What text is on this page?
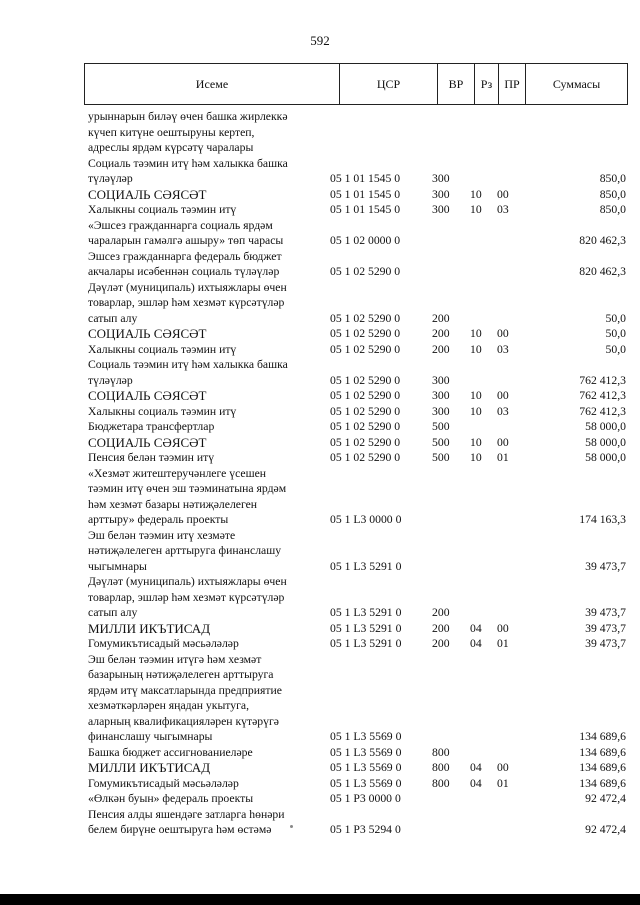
592
Исеме	ЦСР	ВР	Рз	ПР	Суммасы
урыннарын билəү өчен башка жирлеккə
күчеп китүне оештыруны кертеп,
адреслы ярдəм күрсəтү чаралары
Социаль тəэмин итү һəм халыкка башка
түлəүлəр	05 1 01 1545 0	300	850,0
СОЦИАЛЬ СƏЯСƏТ	05 1 01 1545 0	300 10 00	850,0
Халыкны социаль тəэмин итү	05 1 01 1545 0	300 10 03	850,0
«Эшсез гражданнарга социаль ярдəм
чараларын гамəлгə ашыру» төп чарасы	05 1 02 0000 0	820 462,3
Эшсез гражданнарга федераль бюджет
акчалары исəбеннəн социаль түлəүлəр	05 1 02 5290 0	820 462,3
Дəүлəт (муниципаль) ихтыяжлары өчен
товарлар, эшлəр һəм хезмəт күрсəтүлəр
сатып алу	05 1 02 5290 0	200	50,0
СОЦИАЛЬ СƏЯСƏТ	05 1 02 5290 0	200 10 00	50,0
Халыкны социаль тəэмин итү	05 1 02 5290 0	200 10 03	50,0
Социаль тəэмин итү һəм халыкка башка
түлəүлəр	05 1 02 5290 0	300	762 412,3
СОЦИАЛЬ СƏЯСƏТ	05 1 02 5290 0	300 10 00	762 412,3
Халыкны социаль тəэмин итү	05 1 02 5290 0	300 10 03	762 412,3
Бюджетара трансфертлар	05 1 02 5290 0	500	58 000,0
СОЦИАЛЬ СƏЯСƏТ	05 1 02 5290 0	500 10 00	58 000,0
Пенсия белəн тəэмин итү	05 1 02 5290 0	500 10 01	58 000,0
«Хезмəт житештеручəнлеге үсешен
тəэмин итү өчен эш тəэминатына ярдəм
һəм хезмəт базары нəтиҗəлелеген
арттыру» федераль проекты	05 1 L3 0000 0	174 163,3
Эш белəн тəэмин итү хезмəте
нəтиҗəлелеген арттыруга финанслашу
чыгымнары	05 1 L3 5291 0	39 473,7
Дəүлəт (муниципаль) ихтыяжлары өчен
товарлар, эшлəр һəм хезмəт күрсəтүлəр
сатып алу	05 1 L3 5291 0	200	39 473,7
МИЛЛИ ИКЪТИСАД	05 1 L3 5291 0	200 04 00	39 473,7
Гомумикътисадый мəсьəлəлəр	05 1 L3 5291 0	200 04 01	39 473,7
Эш белəн тəэмин итүгə һəм хезмəт
базарының нəтиҗəлелеген арттыруга
ярдəм итү максатларында предприятие
хезмəткəрлəрен яңадан укытуга,
аларның квалификациялəрен күтəрүгə
финанслашу чыгымнары	05 1 L3 5569 0	134 689,6
Башка бюджет ассигнованиелəре	05 1 L3 5569 0	800	134 689,6
МИЛЛИ ИКЪТИСАД	05 1 L3 5569 0	800 04 00	134 689,6
Гомумикътисадый мəсьəлəлəр	05 1 L3 5569 0	800 04 01	134 689,6
«Өлкəн буын» федераль проекты	05 1 P3 0000 0	92 472,4
Пенсия алды яшендəге затларга һөнəри
белем бирүне оештыруга һəм өстəмə	05 1 P3 5294 0	92 472,4
